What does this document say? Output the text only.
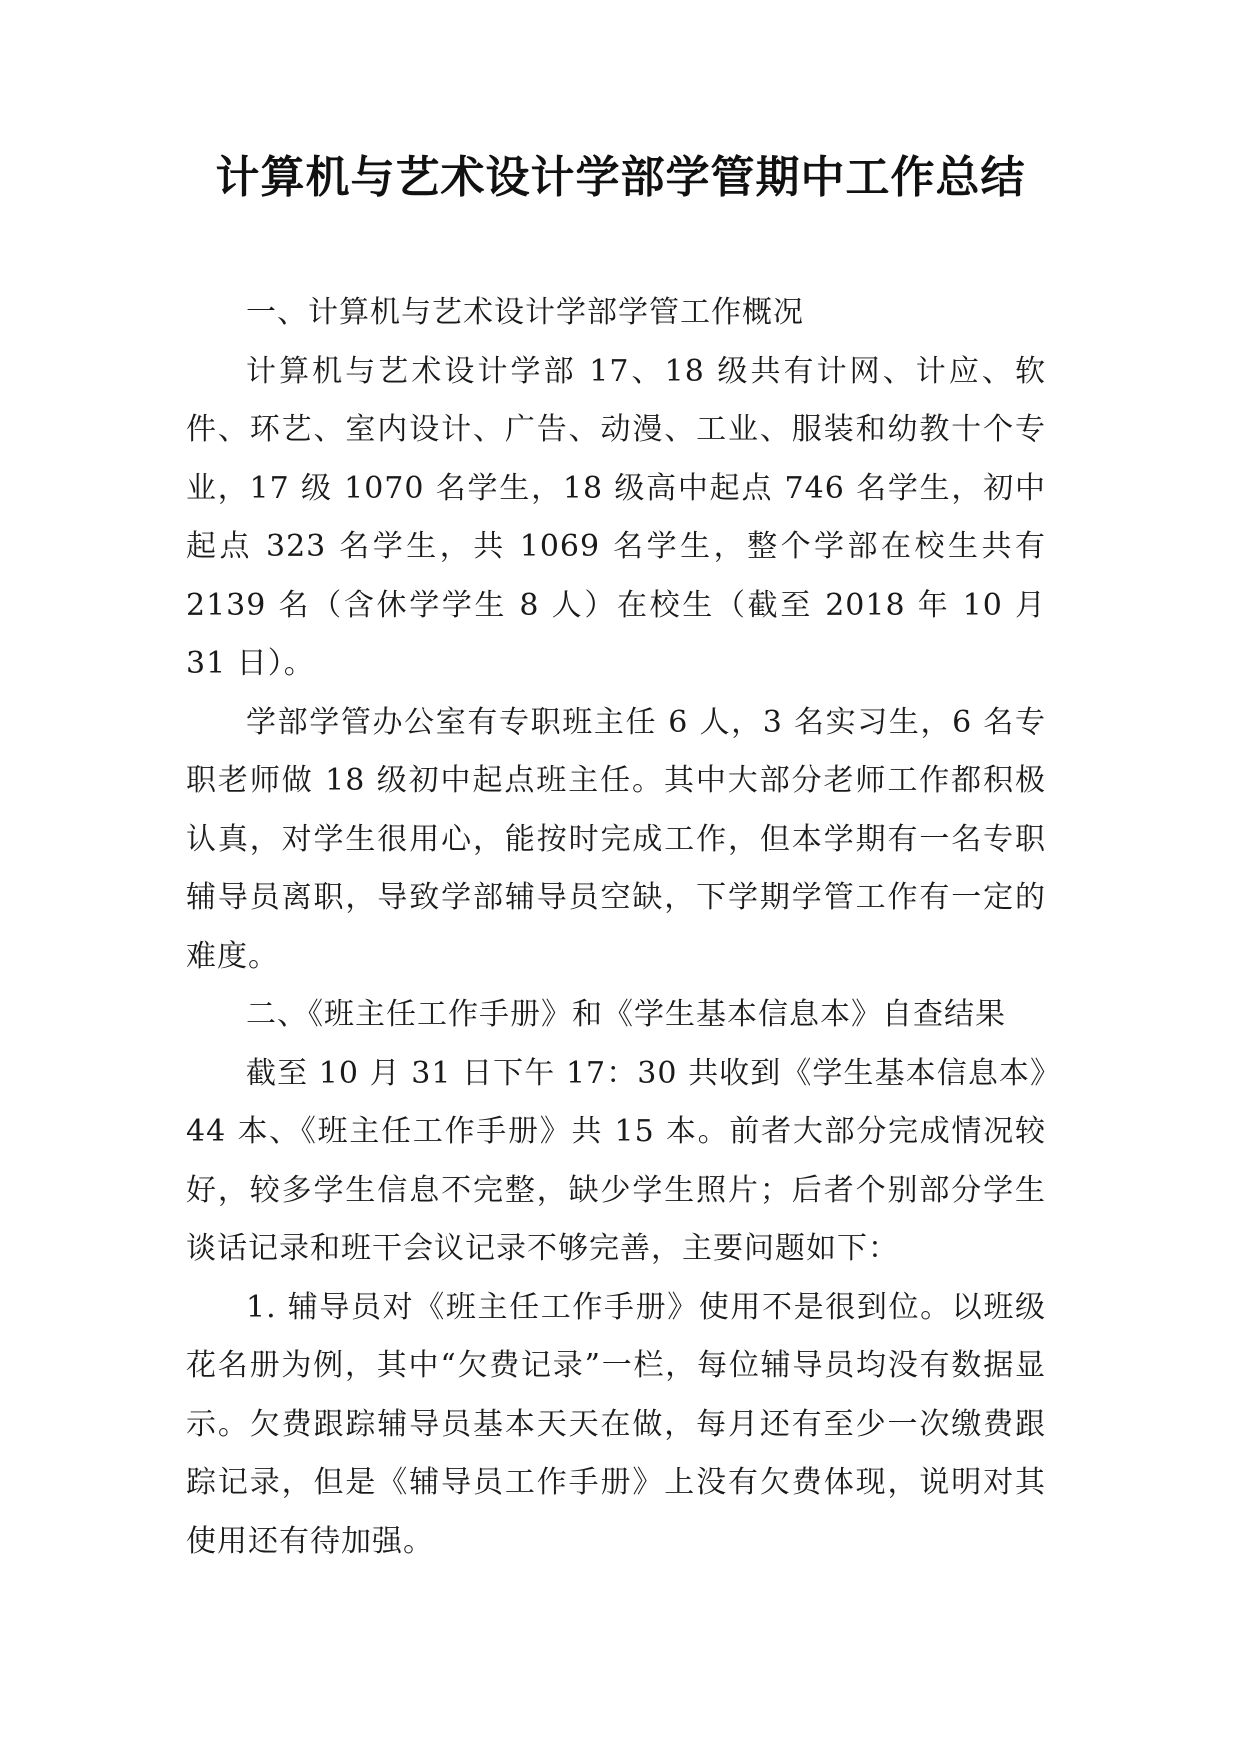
计算机与艺术设计学部学管期中工作总结

一、计算机与艺术设计学部学管工作概况

计算机与艺术设计学部 17、18 级共有计网、计应、软件、环艺、室内设计、广告、动漫、工业、服装和幼教十个专业，17 级 1070 名学生，18 级高中起点 746 名学生，初中起点 323 名学生，共 1069 名学生，整个学部在校生共有 2139 名（含休学学生 8 人）在校生（截至 2018 年 10 月 31 日）。

学部学管办公室有专职班主任 6 人，3 名实习生，6 名专职老师做 18 级初中起点班主任。其中大部分老师工作都积极认真，对学生很用心，能按时完成工作，但本学期有一名专职辅导员离职，导致学部辅导员空缺，下学期学管工作有一定的难度。

二、《班主任工作手册》和《学生基本信息本》自查结果

截至 10 月 31 日下午 17：30 共收到《学生基本信息本》44 本、《班主任工作手册》共 15 本。前者大部分完成情况较好，较多学生信息不完整，缺少学生照片；后者个别部分学生谈话记录和班干会议记录不够完善，主要问题如下：

1. 辅导员对《班主任工作手册》使用不是很到位。以班级花名册为例，其中“欠费记录”一栏，每位辅导员均没有数据显示。欠费跟踪辅导员基本天天在做，每月还有至少一次缴费跟踪记录，但是《辅导员工作手册》上没有欠费体现，说明对其使用还有待加强。
